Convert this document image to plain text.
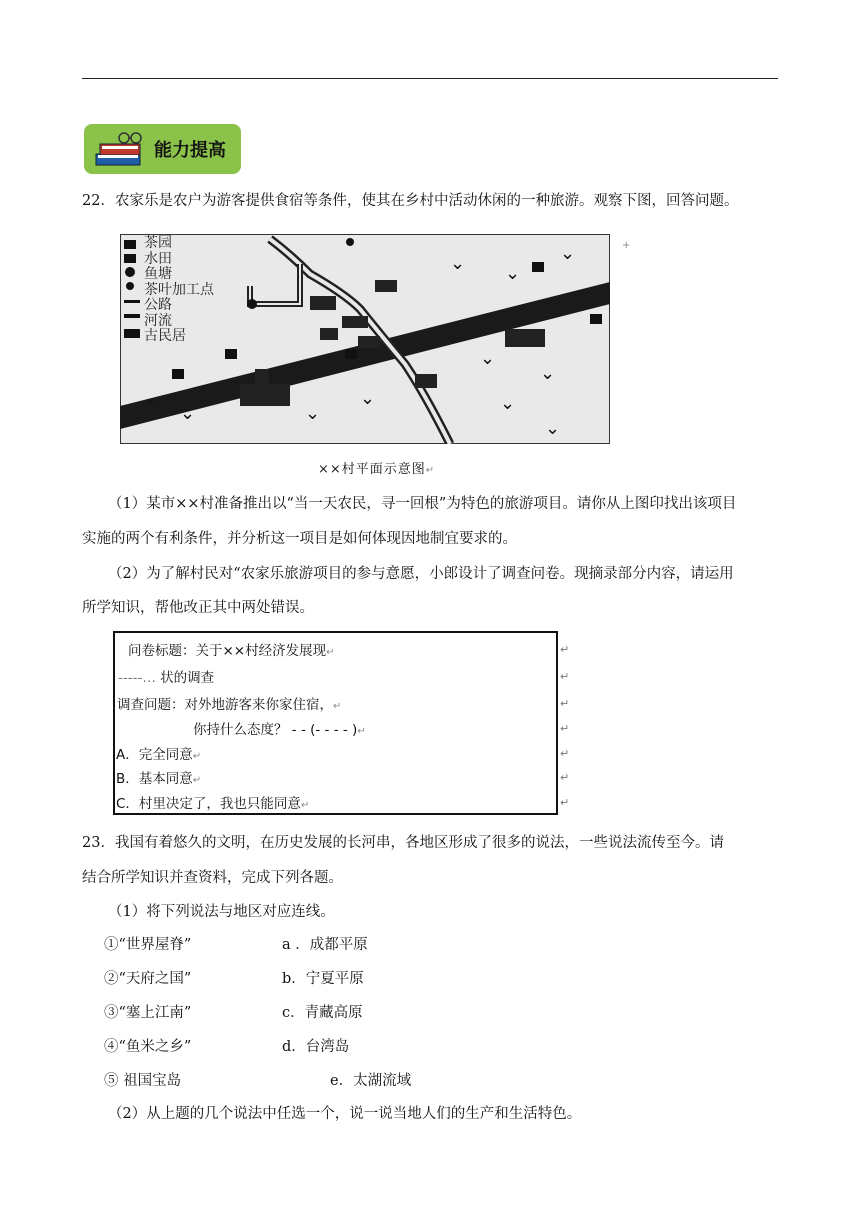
能力提高
22．农家乐是农户为游客提供食宿等条件，使其在乡村中活动休闲的一种旅游。观察下图，回答问题。
⌄ ⌄
⌄
⌄
⌄
⌄
⌄
⌄
⌄	⌄
⌄
茶园
水田
鱼塘
茶叶加工点
公路
河流
古民居
+
××村平面示意图↵
（1）某市××村准备推出以“当一天农民，寻一回根”为特色的旅游项目。请你从上图印找出该项目
实施的两个有利条件，并分析这一项目是如何体现因地制宜要求的。
（2）为了解村民对“农家乐旅游项目的参与意愿，小郎设计了调查问卷。现摘录部分内容，请运用
所学知识，帮他改正其中两处错误。
问卷标题：关于××村经济发展现↵
-----… 状的调查
调查问题：对外地游客来你家住宿，↵
你持什么态度？ - - (- - - - )↵
A．完全同意↵
B．基本同意↵
C．村里决定了，我也只能同意↵
↵
↵
↵
↵
↵
↵
↵
23．我国有着悠久的文明，在历史发展的长河串，各地区形成了很多的说法，一些说法流传至今。请
结合所学知识并查资料，完成下列各题。
（1）将下列说法与地区对应连线。
①“世界屋脊”
②“天府之国”
③“塞上江南”
④“鱼米之乡”
⑤ 祖国宝岛
a ．成都平原
b．宁夏平原
c．青藏高原
d．台湾岛
e．太湖流域
（2）从上题的几个说法中任选一个，说一说当地人们的生产和生活特色。
